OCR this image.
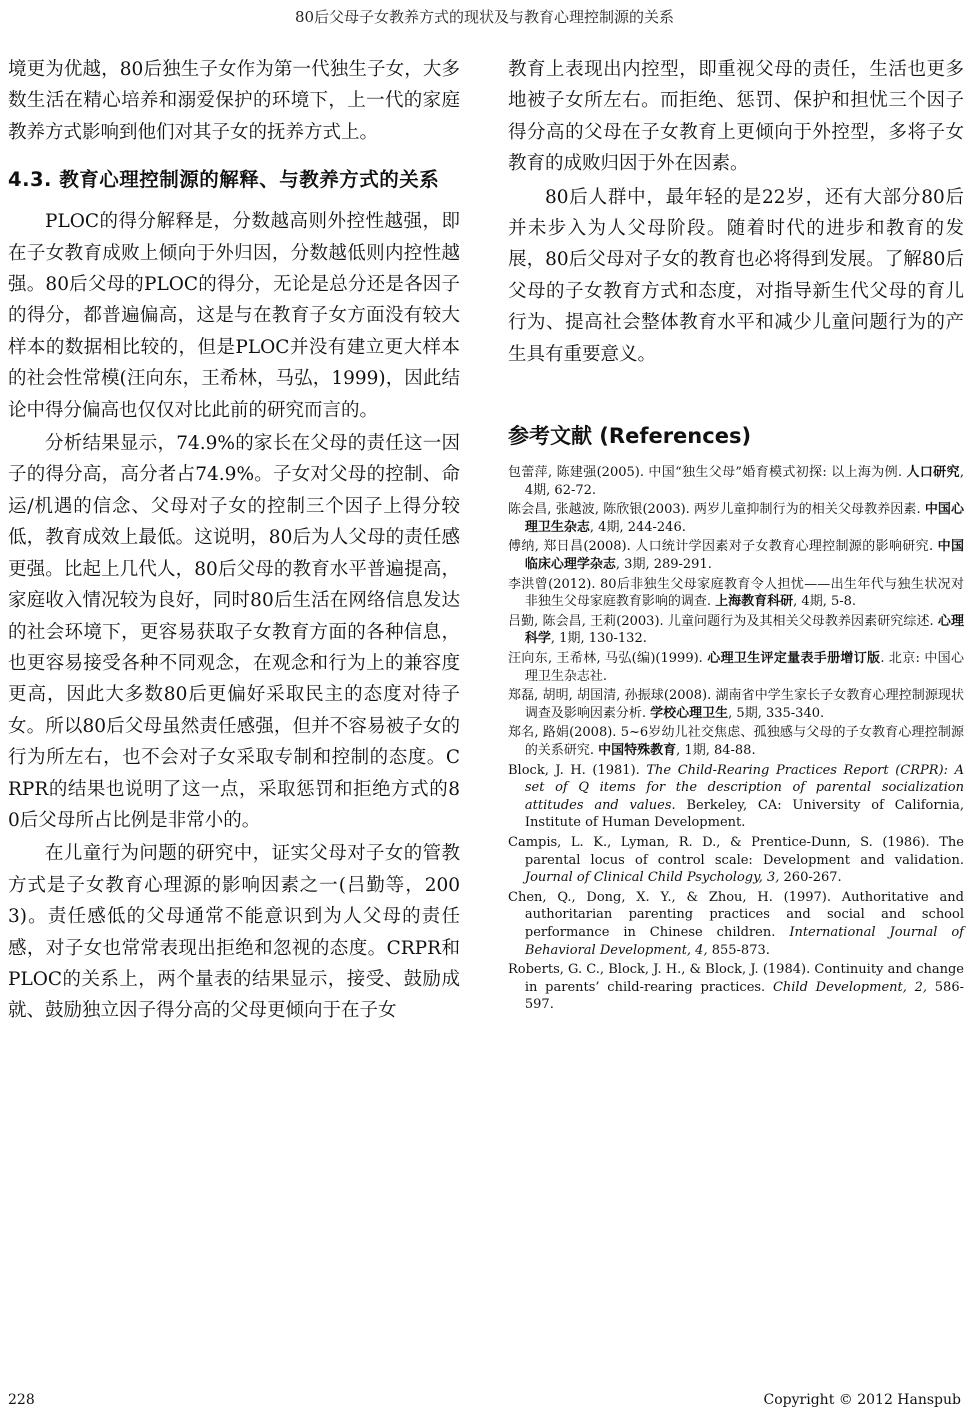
80后父母子女教养方式的现状及与教育心理控制源的关系

境更为优越，80后独生子女作为第一代独生子女，大多数生活在精心培养和溺爱保护的环境下，上一代的家庭教养方式影响到他们对其子女的抚养方式上。

4.3. 教育心理控制源的解释、与教养方式的关系

PLOC的得分解释是，分数越高则外控性越强，即在子女教育成败上倾向于外归因，分数越低则内控性越强。80后父母的PLOC的得分，无论是总分还是各因子的得分，都普遍偏高，这是与在教育子女方面没有较大样本的数据相比较的，但是PLOC并没有建立更大样本的社会性常模(汪向东，王希林，马弘，1999)，因此结论中得分偏高也仅仅对比此前的研究而言的。

分析结果显示，74.9%的家长在父母的责任这一因子的得分高，高分者占74.9%。子女对父母的控制、命运/机遇的信念、父母对子女的控制三个因子上得分较低，教育成效上最低。这说明，80后为人父母的责任感更强。比起上几代人，80后父母的教育水平普遍提高，家庭收入情况较为良好，同时80后生活在网络信息发达的社会环境下，更容易获取子女教育方面的各种信息，也更容易接受各种不同观念，在观念和行为上的兼容度更高，因此大多数80后更偏好采取民主的态度对待子女。所以80后父母虽然责任感强，但并不容易被子女的行为所左右，也不会对子女采取专制和控制的态度。CRPR的结果也说明了这一点，采取惩罚和拒绝方式的80后父母所占比例是非常小的。

在儿童行为问题的研究中，证实父母对子女的管教方式是子女教育心理源的影响因素之一(吕勤等，2003)。责任感低的父母通常不能意识到为人父母的责任感，对子女也常常表现出拒绝和忽视的态度。CRPR和PLOC的关系上，两个量表的结果显示，接受、鼓励成就、鼓励独立因子得分高的父母更倾向于在子女

教育上表现出内控型，即重视父母的责任，生活也更多地被子女所左右。而拒绝、惩罚、保护和担忧三个因子得分高的父母在子女教育上更倾向于外控型，多将子女教育的成败归因于外在因素。

80后人群中，最年轻的是22岁，还有大部分80后并未步入为人父母阶段。随着时代的进步和教育的发展，80后父母对子女的教育也必将得到发展。了解80后父母的子女教育方式和态度，对指导新生代父母的育儿行为、提高社会整体教育水平和减少儿童问题行为的产生具有重要意义。

参考文献 (References)
包蕾萍, 陈建强(2005). 中国“独生父母”婚育模式初探: 以上海为例. 人口研究, 4期, 62-72.
陈会昌, 张越波, 陈欣银(2003). 两岁儿童抑制行为的相关父母教养因素. 中国心理卫生杂志, 4期, 244-246.
傅纳, 郑日昌(2008). 人口统计学因素对子女教育心理控制源的影响研究. 中国临床心理学杂志, 3期, 289-291.
李洪曾(2012). 80后非独生父母家庭教育令人担忧——出生年代与独生状况对非独生父母家庭教育影响的调查. 上海教育科研, 4期, 5-8.
吕勤, 陈会昌, 王莉(2003). 儿童问题行为及其相关父母教养因素研究综述. 心理科学, 1期, 130-132.
汪向东, 王希林, 马弘(编)(1999). 心理卫生评定量表手册增订版. 北京: 中国心理卫生杂志社.
郑磊, 胡明, 胡国清, 孙振球(2008). 湖南省中学生家长子女教育心理控制源现状调查及影响因素分析. 学校心理卫生, 5期, 335-340.
郑名, 路娟(2008). 5~6岁幼儿社交焦虑、孤独感与父母的子女教育心理控制源的关系研究. 中国特殊教育, 1期, 84-88.
Block, J. H. (1981). The Child-Rearing Practices Report (CRPR): A set of Q items for the description of parental socialization attitudes and values. Berkeley, CA: University of California, Institute of Human Development.
Campis, L. K., Lyman, R. D., & Prentice-Dunn, S. (1986). The parental locus of control scale: Development and validation. Journal of Clinical Child Psychology, 3, 260-267.
Chen, Q., Dong, X. Y., & Zhou, H. (1997). Authoritative and authoritarian parenting practices and social and school performance in Chinese children. International Journal of Behavioral Development, 4, 855-873.
Roberts, G. C., Block, J. H., & Block, J. (1984). Continuity and change in parents’ child-rearing practices. Child Development, 2, 586-597.
228	Copyright © 2012 Hanspub
